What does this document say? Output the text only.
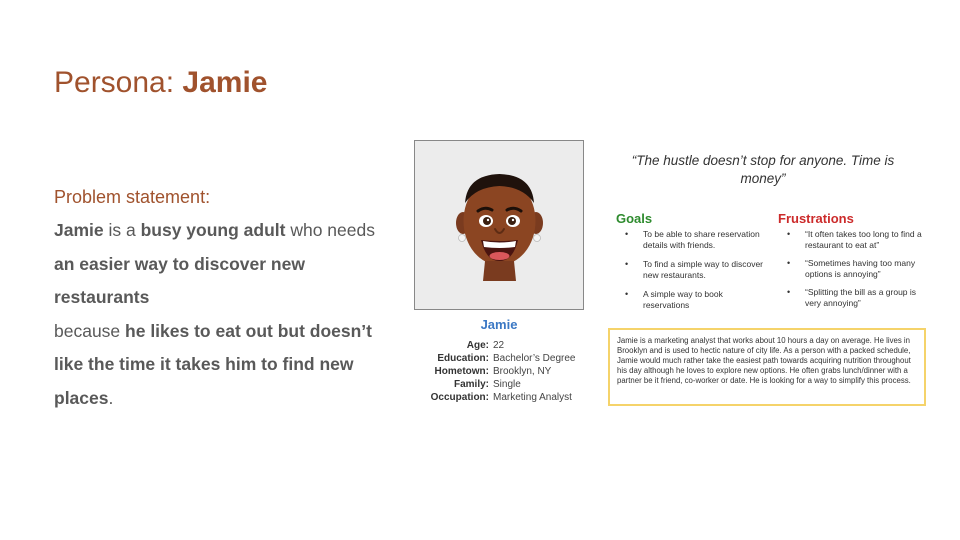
Persona: Jamie
Problem statement:

Jamie is a busy young adult who needs an easier way to discover new restaurants
because he likes to eat out but doesn’t like the time it takes him to find new places.

Jamie
Age: 22
Education: Bachelor’s Degree
Hometown: Brooklyn, NY
Family: Single
Occupation: Marketing Analyst
“The hustle doesn’t stop for anyone. Time is money”
Goals
• To be able to share reservation details with friends.
• To find a simple way to discover new restaurants.
• A simple way to book reservations
Frustrations
• “It often takes too long to find a restaurant to eat at”
• “Sometimes having too many options is annoying”
• “Splitting the bill as a group is very annoying”
Jamie is a marketing analyst that works about 10 hours a day on average. He lives in Brooklyn and is used to hectic nature of city life. As a person with a packed schedule, Jamie would much rather take the easiest path towards acquiring nutrition throughout his day although he loves to explore new options. He often grabs lunch/dinner with a partner be it friend, co-worker or date. He is looking for a way to simplify this process.
